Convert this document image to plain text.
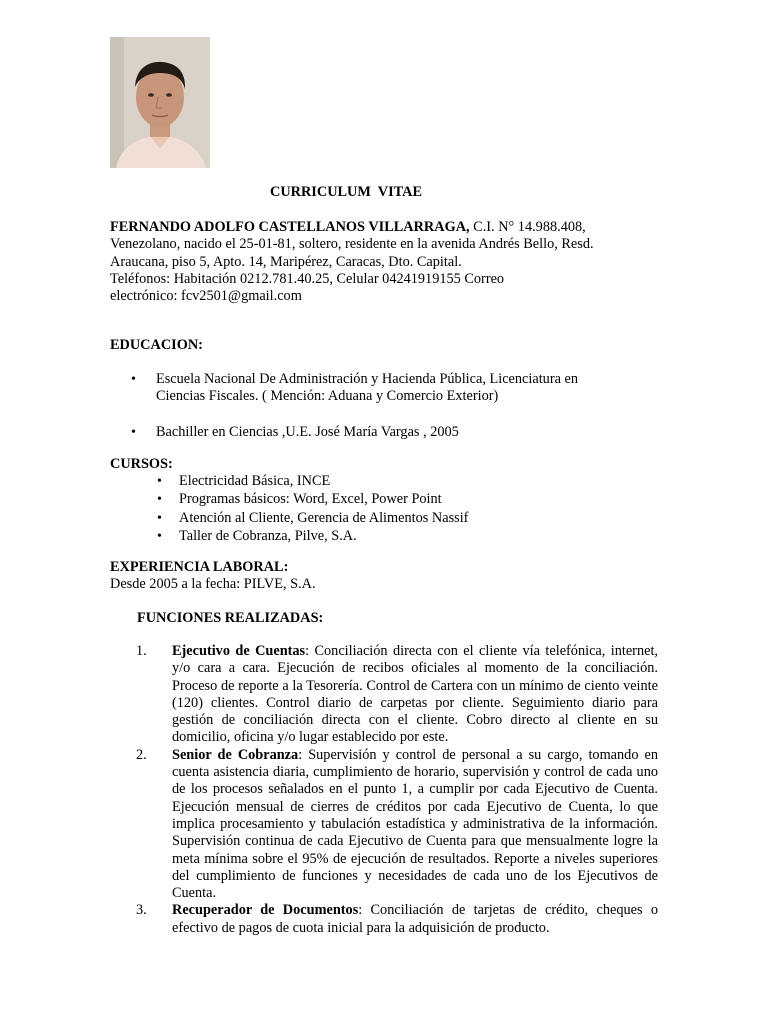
CURRICULUM  VITAE

FERNANDO ADOLFO CASTELLANOS VILLARRAGA, C.I. N° 14.988.408,

Venezolano, nacido el 25-01-81, soltero, residente en la avenida Andrés Bello, Resd.

Araucana, piso 5, Apto. 14, Maripérez, Caracas, Dto. Capital.

Teléfonos: Habitación 0212.781.40.25, Celular 04241919155 Correo

electrónico: fcv2501@gmail.com

EDUCACION:
• Escuela Nacional De Administración y Hacienda Pública, Licenciatura en Ciencias Fiscales. ( Mención: Aduana y Comercio Exterior)
• Bachiller en Ciencias ,U.E. José María Vargas , 2005
CURSOS:
• Electricidad Básica, INCE
• Programas básicos: Word, Excel, Power Point
• Atención al Cliente, Gerencia de Alimentos Nassif
• Taller de Cobranza, Pilve, S.A.
EXPERIENCIA LABORAL:
Desde 2005 a la fecha: PILVE, S.A.
FUNCIONES REALIZADAS:
1. Ejecutivo de Cuentas: Conciliación directa con el cliente vía telefónica, internet, y/o cara a cara. Ejecución de recibos oficiales al momento de la conciliación. Proceso de reporte a la Tesorería. Control de Cartera con un mínimo de ciento veinte (120) clientes. Control diario de carpetas por cliente. Seguimiento diario para gestión de conciliación directa con el cliente. Cobro directo al cliente en su domicilio, oficina y/o lugar establecido por este.
2. Senior de Cobranza: Supervisión y control de personal a su cargo, tomando en cuenta asistencia diaria, cumplimiento de horario, supervisión y control de cada uno de los procesos señalados en el punto 1, a cumplir por cada Ejecutivo de Cuenta. Ejecución mensual de cierres de créditos por cada Ejecutivo de Cuenta, lo que implica procesamiento y tabulación estadística y administrativa de la información. Supervisión continua de cada Ejecutivo de Cuenta para que mensualmente logre la meta mínima sobre el 95% de ejecución de resultados. Reporte a niveles superiores del cumplimiento de funciones y necesidades de cada uno de los Ejecutivos de Cuenta.
3. Recuperador de Documentos: Conciliación de tarjetas de crédito, cheques o efectivo de pagos de cuota inicial para la adquisición de producto.
